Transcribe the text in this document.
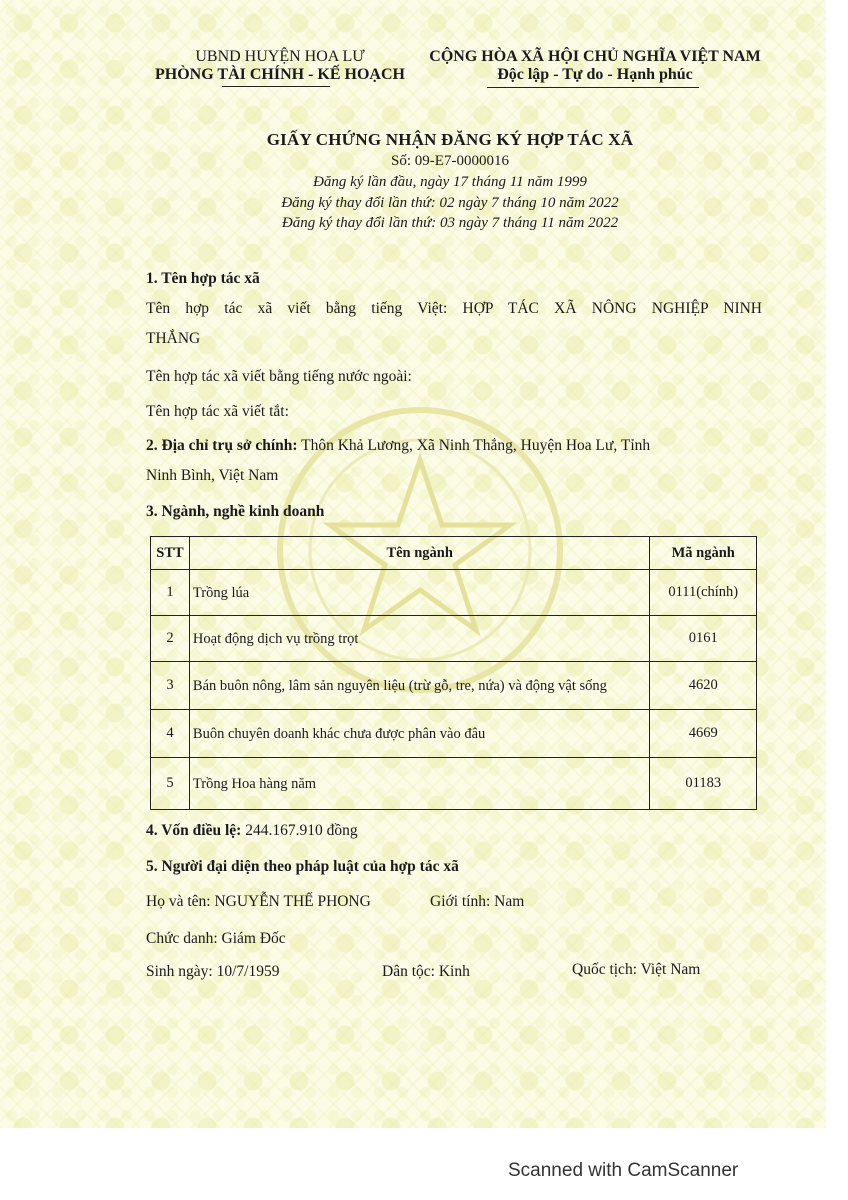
UBND HUYỆN HOA LƯ
PHÒNG TÀI CHÍNH - KẾ HOẠCH
CỘNG HÒA XÃ HỘI CHỦ NGHĨA VIỆT NAM
Độc lập - Tự do - Hạnh phúc
GIẤY CHỨNG NHẬN ĐĂNG KÝ HỢP TÁC XÃ
Số: 09-E7-0000016
Đăng ký lần đầu, ngày 17 tháng 11 năm 1999
Đăng ký thay đổi lần thứ: 02 ngày 7 tháng 10 năm 2022
Đăng ký thay đổi lần thứ: 03 ngày 7 tháng 11 năm 2022
1. Tên hợp tác xã
Tên hợp tác xã viết bằng tiếng Việt: HỢP TÁC XÃ NÔNG NGHIỆP NINH
THẮNG
Tên hợp tác xã viết bằng tiếng nước ngoài:
Tên hợp tác xã viết tắt:
2. Địa chỉ trụ sở chính: Thôn Khả Lương, Xã Ninh Thắng, Huyện Hoa Lư, Tỉnh
Ninh Bình, Việt Nam
3. Ngành, nghề kinh doanh
STT	Tên ngành	Mã ngành
1	Trồng lúa	0111(chính)
2	Hoạt động dịch vụ trồng trọt	0161
3	Bán buôn nông, lâm sản nguyên liệu (trừ gỗ, tre, nứa) và động vật sống	4620
4	Buôn chuyên doanh khác chưa được phân vào đâu	4669
5	Trồng Hoa hàng năm	01183
4. Vốn điều lệ: 244.167.910 đồng
5. Người đại diện theo pháp luật của hợp tác xã
Họ và tên: NGUYỄN THẾ PHONG	Giới tính: Nam
Chức danh: Giám Đốc
Sinh ngày: 10/7/1959	Dân tộc: Kinh	Quốc tịch: Việt Nam
Scanned with CamScanner
